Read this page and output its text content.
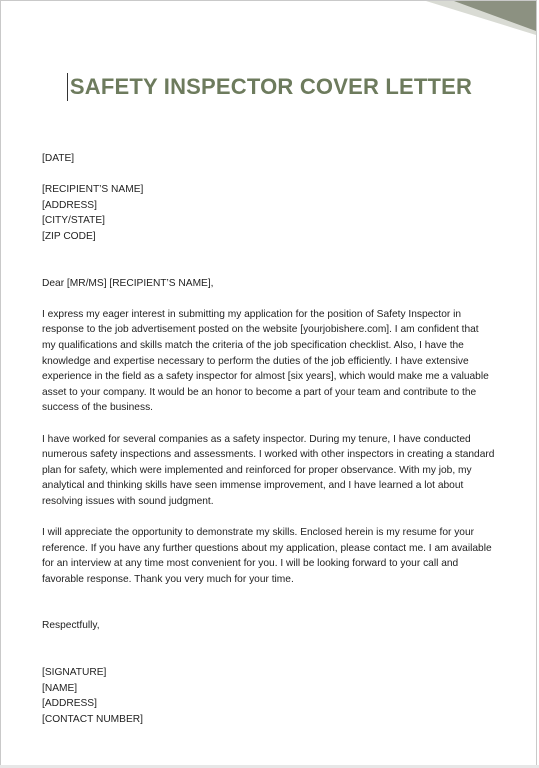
SAFETY INSPECTOR COVER LETTER
[DATE]
[RECIPIENT’S NAME]
[ADDRESS]
[CITY/STATE]
[ZIP CODE]
Dear [MR/MS] [RECIPIENT’S NAME],
I express my eager interest in submitting my application for the position of Safety Inspector in
response to the job advertisement posted on the website [yourjobishere.com]. I am confident that
my qualifications and skills match the criteria of the job specification checklist. Also, I have the
knowledge and expertise necessary to perform the duties of the job efficiently. I have extensive
experience in the field as a safety inspector for almost [six years], which would make me a valuable
asset to your company. It would be an honor to become a part of your team and contribute to the
success of the business.
I have worked for several companies as a safety inspector. During my tenure, I have conducted
numerous safety inspections and assessments. I worked with other inspectors in creating a standard
plan for safety, which were implemented and reinforced for proper observance. With my job, my
analytical and thinking skills have seen immense improvement, and I have learned a lot about
resolving issues with sound judgment.
I will appreciate the opportunity to demonstrate my skills. Enclosed herein is my resume for your
reference. If you have any further questions about my application, please contact me. I am available
for an interview at any time most convenient for you. I will be looking forward to your call and
favorable response. Thank you very much for your time.
Respectfully,
[SIGNATURE]
[NAME]
[ADDRESS]
[CONTACT NUMBER]
